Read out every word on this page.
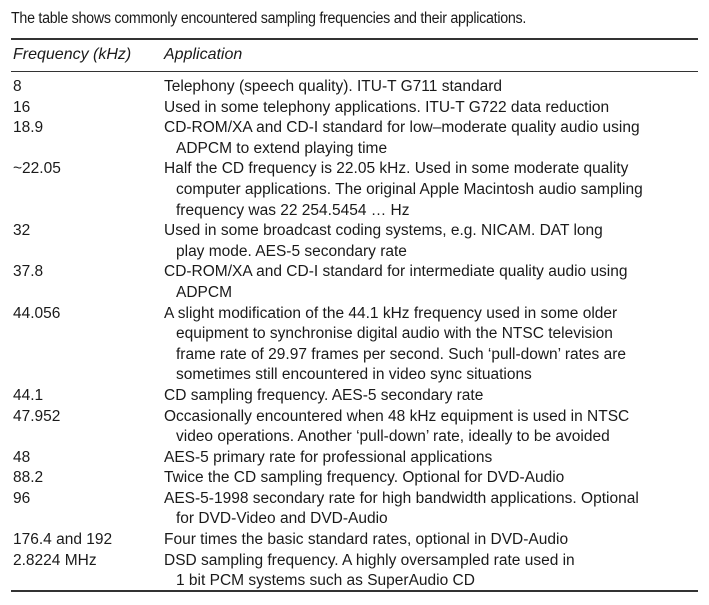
The table shows commonly encountered sampling frequencies and their applications.
Frequency (kHz) Application
8	Telephony (speech quality). ITU-T G711 standard
16	Used in some telephony applications. ITU-T G722 data reduction
18.9	CD-ROM/XA and CD-I standard for low–moderate quality audio using
ADPCM to extend playing time
~22.05	Half the CD frequency is 22.05 kHz. Used in some moderate quality
computer applications. The original Apple Macintosh audio sampling
frequency was 22 254.5454 … Hz
32	Used in some broadcast coding systems, e.g. NICAM. DAT long
play mode. AES-5 secondary rate
37.8	CD-ROM/XA and CD-I standard for intermediate quality audio using
ADPCM
44.056	A slight modification of the 44.1 kHz frequency used in some older
equipment to synchronise digital audio with the NTSC television
frame rate of 29.97 frames per second. Such ‘pull-down’ rates are
sometimes still encountered in video sync situations
44.1	CD sampling frequency. AES-5 secondary rate
47.952	Occasionally encountered when 48 kHz equipment is used in NTSC
video operations. Another ‘pull-down’ rate, ideally to be avoided
48	AES-5 primary rate for professional applications
88.2	Twice the CD sampling frequency. Optional for DVD-Audio
96	AES-5-1998 secondary rate for high bandwidth applications. Optional
for DVD-Video and DVD-Audio
176.4 and 192	Four times the basic standard rates, optional in DVD-Audio
2.8224 MHz	DSD sampling frequency. A highly oversampled rate used in
1 bit PCM systems such as SuperAudio CD
